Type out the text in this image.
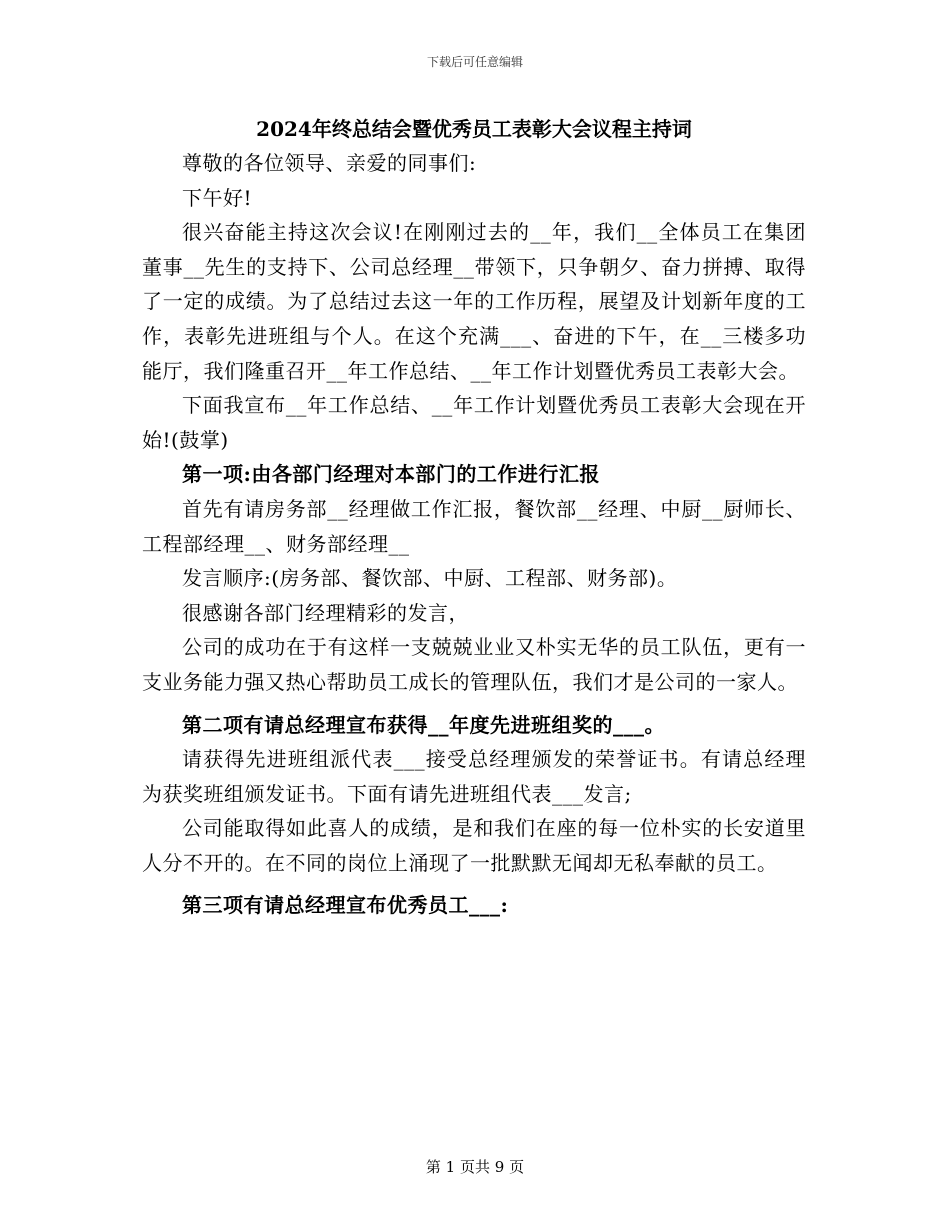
下载后可任意编辑

2024年终总结会暨优秀员工表彰大会议程主持词

尊敬的各位领导、亲爱的同事们:

下午好!

很兴奋能主持这次会议!在刚刚过去的__年，我们__全体员工在集团董事__先生的支持下、公司总经理__带领下，只争朝夕、奋力拼搏、取得了一定的成绩。为了总结过去这一年的工作历程，展望及计划新年度的工作，表彰先进班组与个人。在这个充满___、奋进的下午，在__三楼多功能厅，我们隆重召开__年工作总结、__年工作计划暨优秀员工表彰大会。

下面我宣布__年工作总结、__年工作计划暨优秀员工表彰大会现在开始!(鼓掌)

第一项:由各部门经理对本部门的工作进行汇报

首先有请房务部__经理做工作汇报，餐饮部__经理、中厨__厨师长、工程部经理__、财务部经理__

发言顺序:(房务部、餐饮部、中厨、工程部、财务部)。

很感谢各部门经理精彩的发言，

公司的成功在于有这样一支兢兢业业又朴实无华的员工队伍，更有一支业务能力强又热心帮助员工成长的管理队伍，我们才是公司的一家人。

第二项有请总经理宣布获得__年度先进班组奖的___。

请获得先进班组派代表___接受总经理颁发的荣誉证书。有请总经理为获奖班组颁发证书。下面有请先进班组代表___发言;

公司能取得如此喜人的成绩，是和我们在座的每一位朴实的长安道里人分不开的。在不同的岗位上涌现了一批默默无闻却无私奉献的员工。

第三项有请总经理宣布优秀员工___:

第 1 页共 9 页
